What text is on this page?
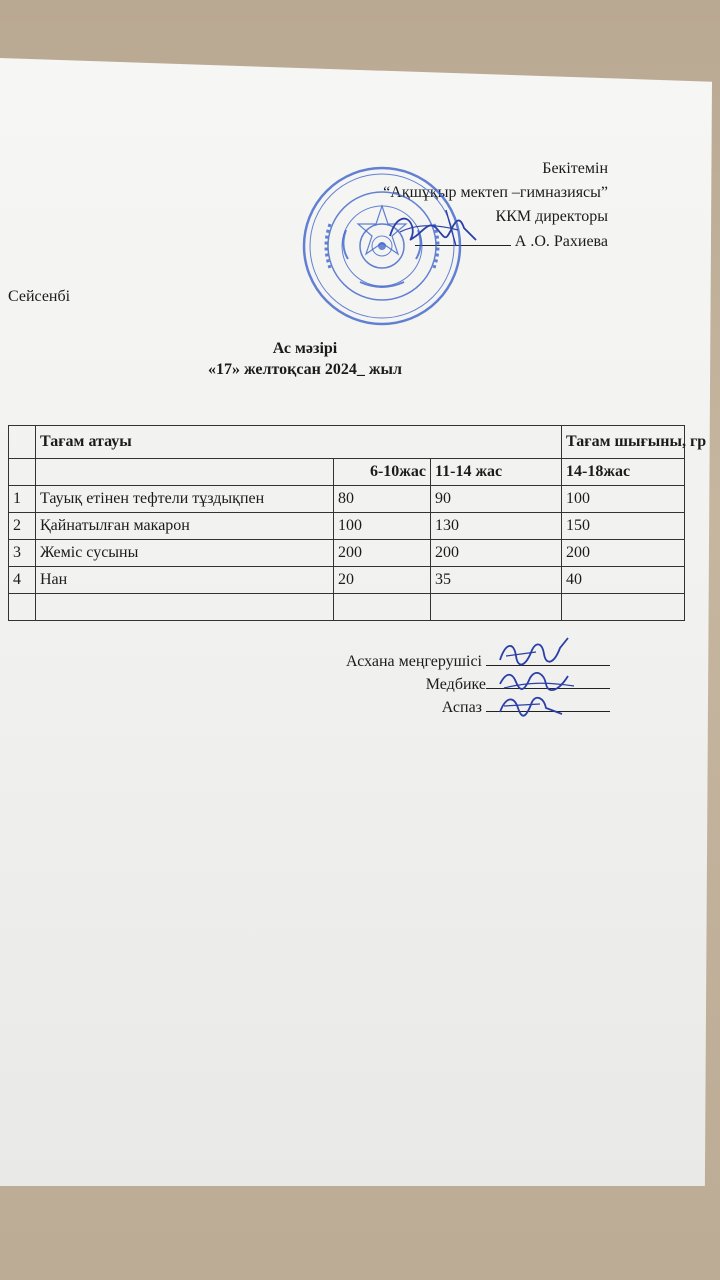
Бекітемін
“Ақшұқыр мектеп –гимназиясы”
ККМ директоры
А .О. Рахиева
Сейсенбі
Ас мәзірі
«17» желтоқсан 2024_ жыл
	Тағам атауы			Тағам шығыны, гр
		6-10жас	11-14 жас	14-18жас
1	Тауық етінен тефтели тұздықпен	80	90	100
2	Қайнатылған макарон	100	130	150
3	Жеміс сусыны	200	200	200
4	Нан	20	35	40

Асхана меңгерушісі
Медбике
Аспаз
